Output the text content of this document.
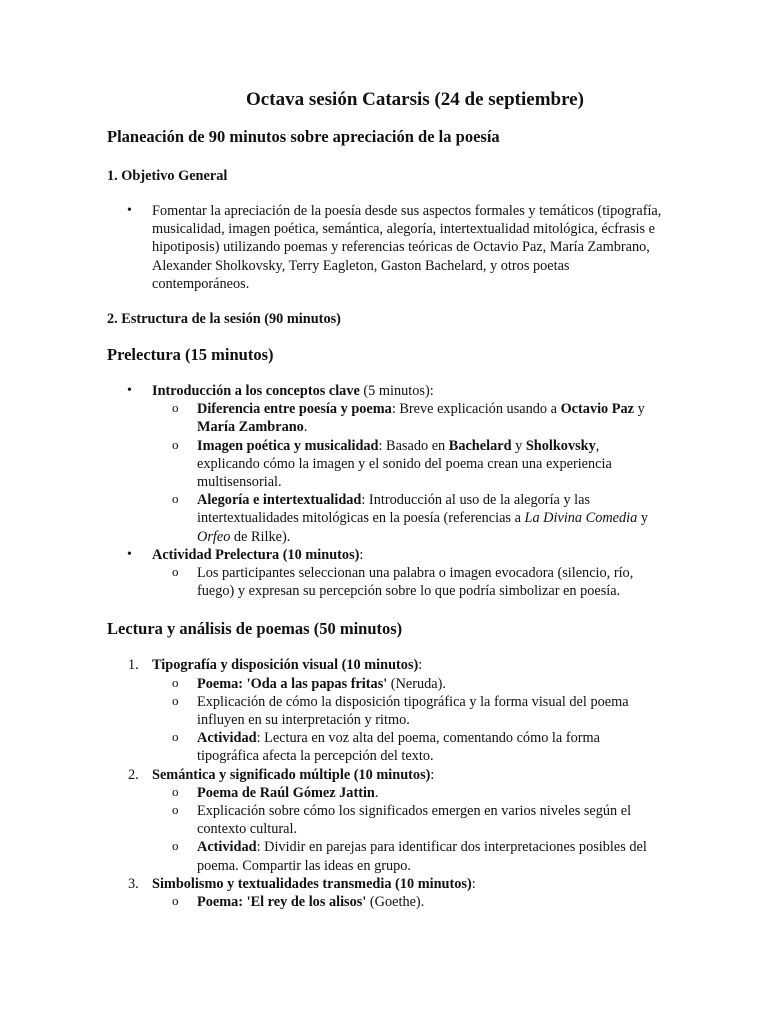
Octava sesión Catarsis (24 de septiembre)
Planeación de 90 minutos sobre apreciación de la poesía
1. Objetivo General
• Fomentar la apreciación de la poesía desde sus aspectos formales y temáticos (tipografía, musicalidad, imagen poética, semántica, alegoría, intertextualidad mitológica, écfrasis e hipotiposis) utilizando poemas y referencias teóricas de Octavio Paz, María Zambrano, Alexander Sholkovsky, Terry Eagleton, Gaston Bachelard, y otros poetas contemporáneos.
2. Estructura de la sesión (90 minutos)
Prelectura (15 minutos)
• Introducción a los conceptos clave (5 minutos):
o Diferencia entre poesía y poema: Breve explicación usando a Octavio Paz y María Zambrano.
o Imagen poética y musicalidad: Basado en Bachelard y Sholkovsky, explicando cómo la imagen y el sonido del poema crean una experiencia multisensorial.
o Alegoría e intertextualidad: Introducción al uso de la alegoría y las intertextualidades mitológicas en la poesía (referencias a La Divina Comedia y Orfeo de Rilke).
• Actividad Prelectura (10 minutos):
o Los participantes seleccionan una palabra o imagen evocadora (silencio, río, fuego) y expresan su percepción sobre lo que podría simbolizar en poesía.
Lectura y análisis de poemas (50 minutos)
1. Tipografía y disposición visual (10 minutos):
o Poema: 'Oda a las papas fritas' (Neruda).
o Explicación de cómo la disposición tipográfica y la forma visual del poema influyen en su interpretación y ritmo.
o Actividad: Lectura en voz alta del poema, comentando cómo la forma tipográfica afecta la percepción del texto.
2. Semántica y significado múltiple (10 minutos):
o Poema de Raúl Gómez Jattin.
o Explicación sobre cómo los significados emergen en varios niveles según el contexto cultural.
o Actividad: Dividir en parejas para identificar dos interpretaciones posibles del poema. Compartir las ideas en grupo.
3. Simbolismo y textualidades transmedia (10 minutos):
o Poema: 'El rey de los alisos' (Goethe).
